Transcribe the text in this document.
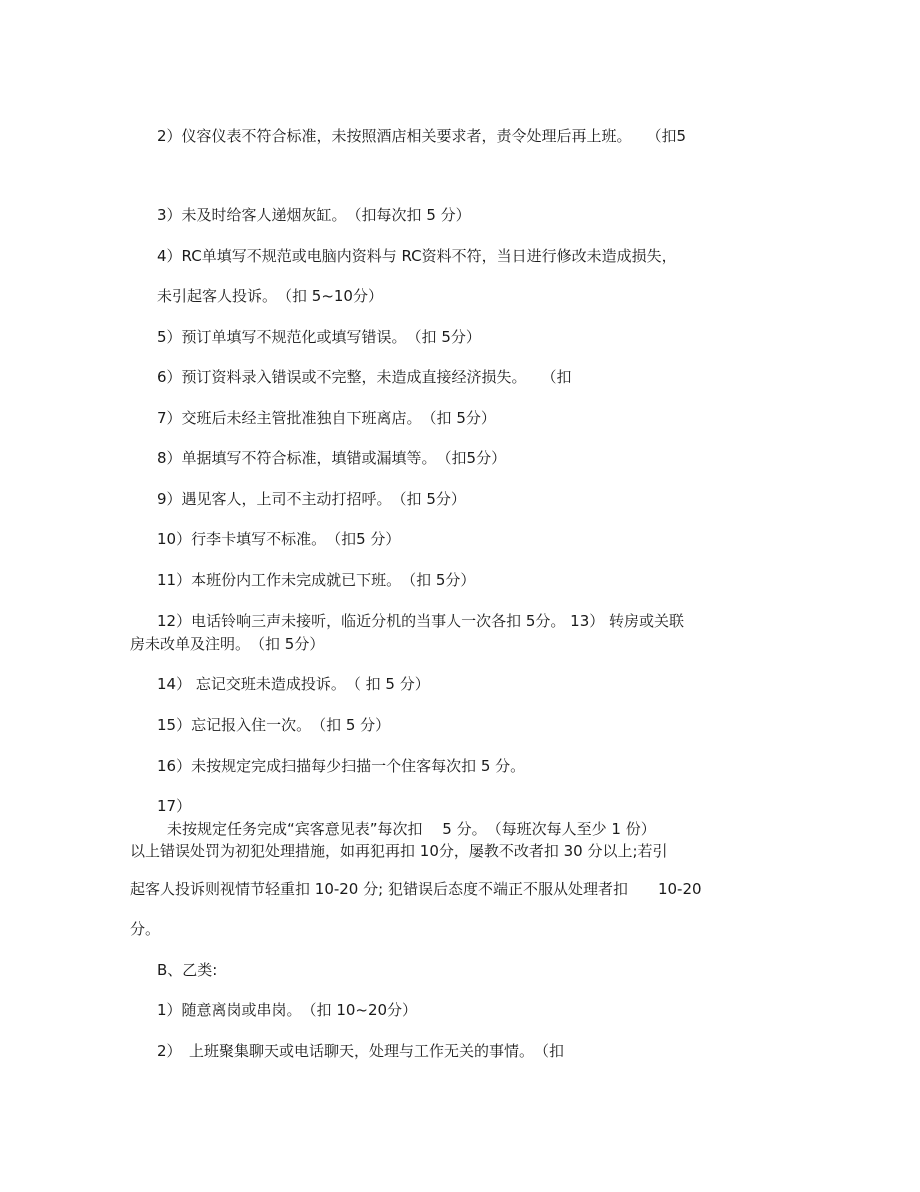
2）仪容仪表不符合标准，未按照酒店相关要求者，责令处理后再上班。　　（扣5
3）未及时给客人递烟灰缸。　（扣每次扣 5 分）
4）RC单填写不规范或电脑内资料与 RC资料不符，当日进行修改未造成损失，
未引起客人投诉。　（扣 5~10分）
5）预订单填写不规范化或填写错误。　（扣 5分）
6）预订资料录入错误或不完整，未造成直接经济损失。　　（扣
7）交班后未经主管批准独自下班离店。　（扣 5分）
8）单据填写不符合标准，填错或漏填等。　（扣5分）
9）遇见客人，上司不主动打招呼。　（扣 5分）
10）行李卡填写不标准。　（扣5 分）
11）本班份内工作未完成就已下班。　（扣 5分）
12）电话铃响三声未接听，临近分机的当事人一次各扣 5分。 13） 转房或关联
房未改单及注明。　（扣 5分）
14） 忘记交班未造成投诉。　（ 扣 5 分）
15）忘记报入住一次。　（扣 5 分）
16）未按规定完成扫描每少扫描一个住客每次扣 5 分。
17）
未按规定任务完成“宾客意见表”每次扣　 5 分。　（每班次每人至少 1 份）
以上错误处罚为初犯处理措施，如再犯再扣 10分，屡教不改者扣 30 分以上;若引
起客人投诉则视情节轻重扣 10-20 分; 犯错误后态度不端正不服从处理者扣　　10-20
分。
B、乙类:
1）随意离岗或串岗。　（扣 10~20分）
2）　上班聚集聊天或电话聊天，处理与工作无关的事情。　（扣
